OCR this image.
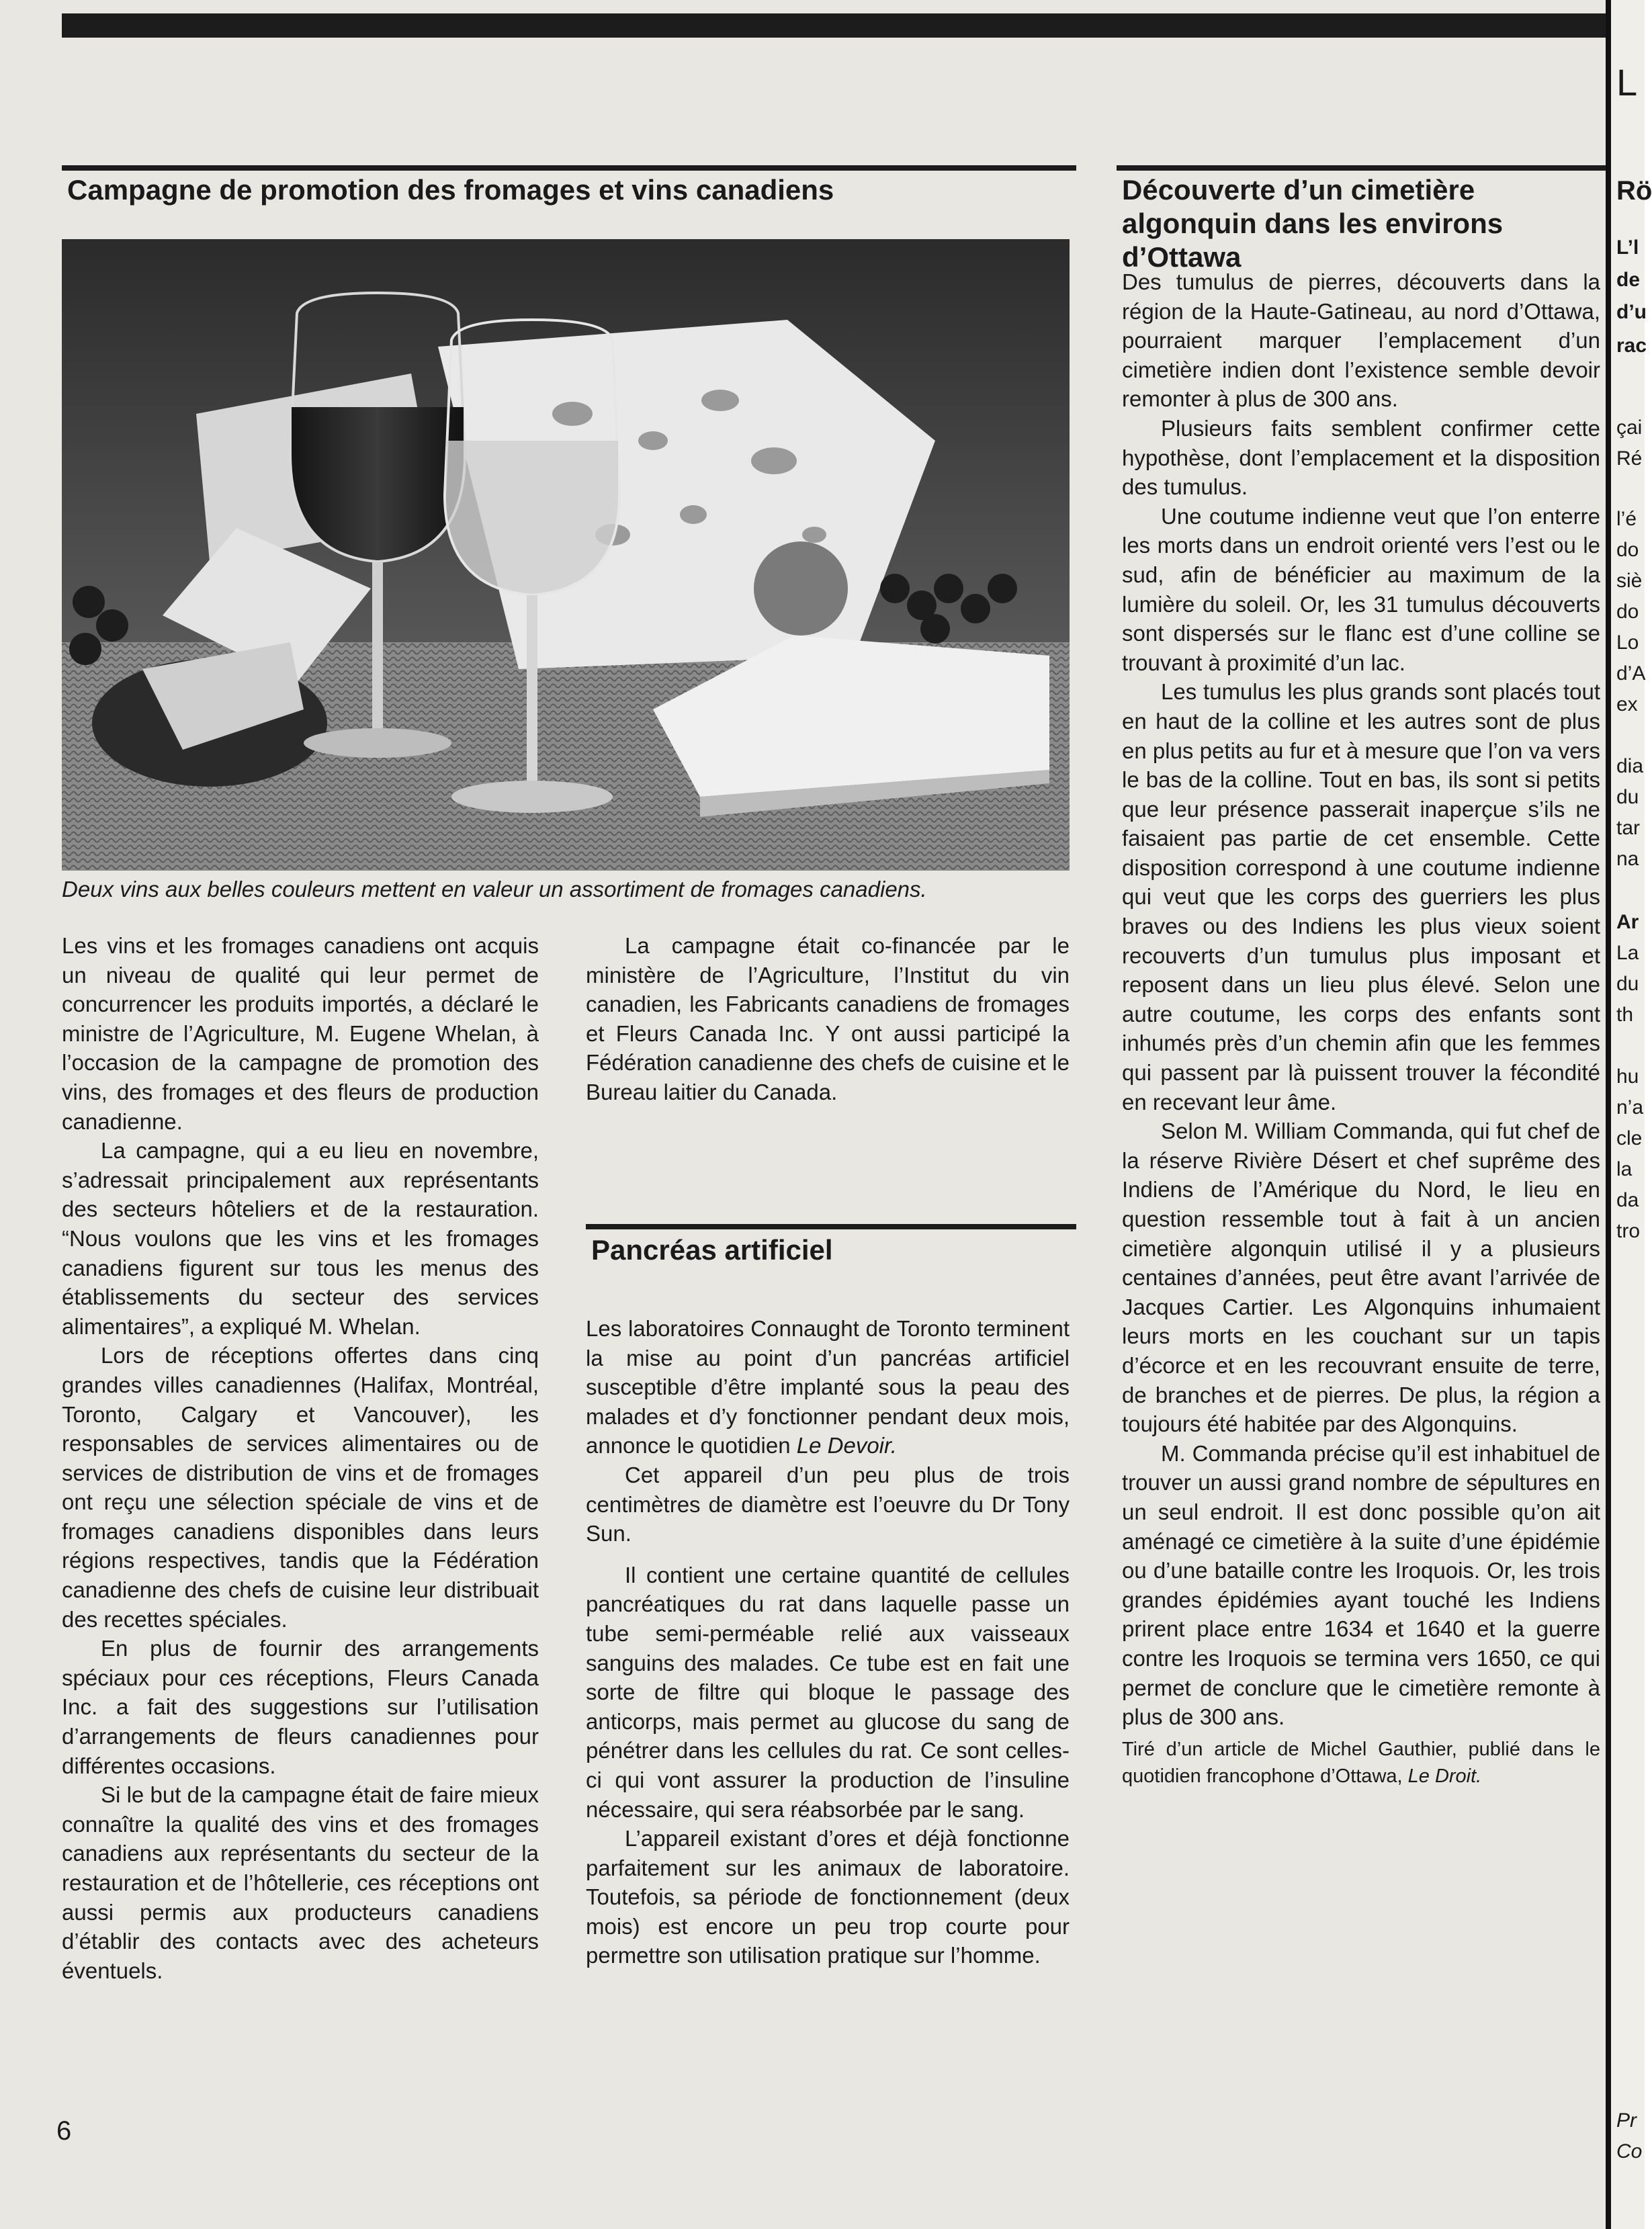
Campagne de promotion des fromages et vins canadiens
Deux vins aux belles couleurs mettent en valeur un assortiment de fromages canadiens.

Les vins et les fromages canadiens ont acquis un niveau de qualité qui leur permet de concurrencer les produits importés, a déclaré le ministre de l’Agriculture, M. Eugene Whelan, à l’occasion de la campagne de promotion des vins, des fromages et des fleurs de production canadienne.

La campagne, qui a eu lieu en novembre, s’adressait principalement aux représentants des secteurs hôteliers et de la restauration. “Nous voulons que les vins et les fromages canadiens figurent sur tous les menus des établissements du secteur des services alimentaires”, a expliqué M. Whelan.

Lors de réceptions offertes dans cinq grandes villes canadiennes (Halifax, Montréal, Toronto, Calgary et Vancouver), les responsables de services alimentaires ou de services de distribution de vins et de fromages ont reçu une sélection spéciale de vins et de fromages canadiens disponibles dans leurs régions respectives, tandis que la Fédération canadienne des chefs de cuisine leur distribuait des recettes spéciales.

En plus de fournir des arrangements spéciaux pour ces réceptions, Fleurs Canada Inc. a fait des suggestions sur l’utilisation d’arrangements de fleurs canadiennes pour différentes occasions.

Si le but de la campagne était de faire mieux connaître la qualité des vins et des fromages canadiens aux représentants du secteur de la restauration et de l’hôtellerie, ces réceptions ont aussi permis aux producteurs canadiens d’établir des contacts avec des acheteurs éventuels.

La campagne était co-financée par le ministère de l’Agriculture, l’Institut du vin canadien, les Fabricants canadiens de fromages et Fleurs Canada Inc. Y ont aussi participé la Fédération canadienne des chefs de cuisine et le Bureau laitier du Canada.

Pancréas artificiel

Les laboratoires Connaught de Toronto terminent la mise au point d’un pancréas artificiel susceptible d’être implanté sous la peau des malades et d’y fonctionner pendant deux mois, annonce le quotidien Le Devoir.

Cet appareil d’un peu plus de trois centimètres de diamètre est l’oeuvre du Dr Tony Sun.

Il contient une certaine quantité de cellules pancréatiques du rat dans laquelle passe un tube semi-perméable relié aux vaisseaux sanguins des malades. Ce tube est en fait une sorte de filtre qui bloque le passage des anticorps, mais permet au glucose du sang de pénétrer dans les cellules du rat. Ce sont celles-ci qui vont assurer la production de l’insuline nécessaire, qui sera réabsorbée par le sang.

L’appareil existant d’ores et déjà fonctionne parfaitement sur les animaux de laboratoire. Toutefois, sa période de fonctionnement (deux mois) est encore un peu trop courte pour permettre son utilisation pratique sur l’homme.

Découverte d’un cimetière algonquin dans les environs d’Ottawa

Des tumulus de pierres, découverts dans la région de la Haute-Gatineau, au nord d’Ottawa, pourraient marquer l’emplacement d’un cimetière indien dont l’existence semble devoir remonter à plus de 300 ans.

Plusieurs faits semblent confirmer cette hypothèse, dont l’emplacement et la disposition des tumulus.

Une coutume indienne veut que l’on enterre les morts dans un endroit orienté vers l’est ou le sud, afin de bénéficier au maximum de la lumière du soleil. Or, les 31 tumulus découverts sont dispersés sur le flanc est d’une colline se trouvant à proximité d’un lac.

Les tumulus les plus grands sont placés tout en haut de la colline et les autres sont de plus en plus petits au fur et à mesure que l’on va vers le bas de la colline. Tout en bas, ils sont si petits que leur présence passerait inaperçue s’ils ne faisaient pas partie de cet ensemble. Cette disposition correspond à une coutume indienne qui veut que les corps des guerriers les plus braves ou des Indiens les plus vieux soient recouverts d’un tumulus plus imposant et reposent dans un lieu plus élevé. Selon une autre coutume, les corps des enfants sont inhumés près d’un chemin afin que les femmes qui passent par là puissent trouver la fécondité en recevant leur âme.

Selon M. William Commanda, qui fut chef de la réserve Rivière Désert et chef suprême des Indiens de l’Amérique du Nord, le lieu en question ressemble tout à fait à un ancien cimetière algonquin utilisé il y a plusieurs centaines d’années, peut être avant l’arrivée de Jacques Cartier. Les Algonquins inhumaient leurs morts en les couchant sur un tapis d’écorce et en les recouvrant ensuite de terre, de branches et de pierres. De plus, la région a toujours été habitée par des Algonquins.

M. Commanda précise qu’il est inhabituel de trouver un aussi grand nombre de sépultures en un seul endroit. Il est donc possible qu’on ait aménagé ce cimetière à la suite d’une épidémie ou d’une bataille contre les Iroquois. Or, les trois grandes épidémies ayant touché les Indiens prirent place entre 1634 et 1640 et la guerre contre les Iroquois se termina vers 1650, ce qui permet de conclure que le cimetière remonte à plus de 300 ans.

Tiré d’un article de Michel Gauthier, publié dans le quotidien francophone d’Ottawa, Le Droit.

6
L
Rö
L’l
de
d’u
rac
çai
Ré
l’é
do
siè
do
Lo
d’A
ex
dia
du
tar
na
Ar
La
du
th
hu
n’a
cle
la
da
tro
Pr
Co
